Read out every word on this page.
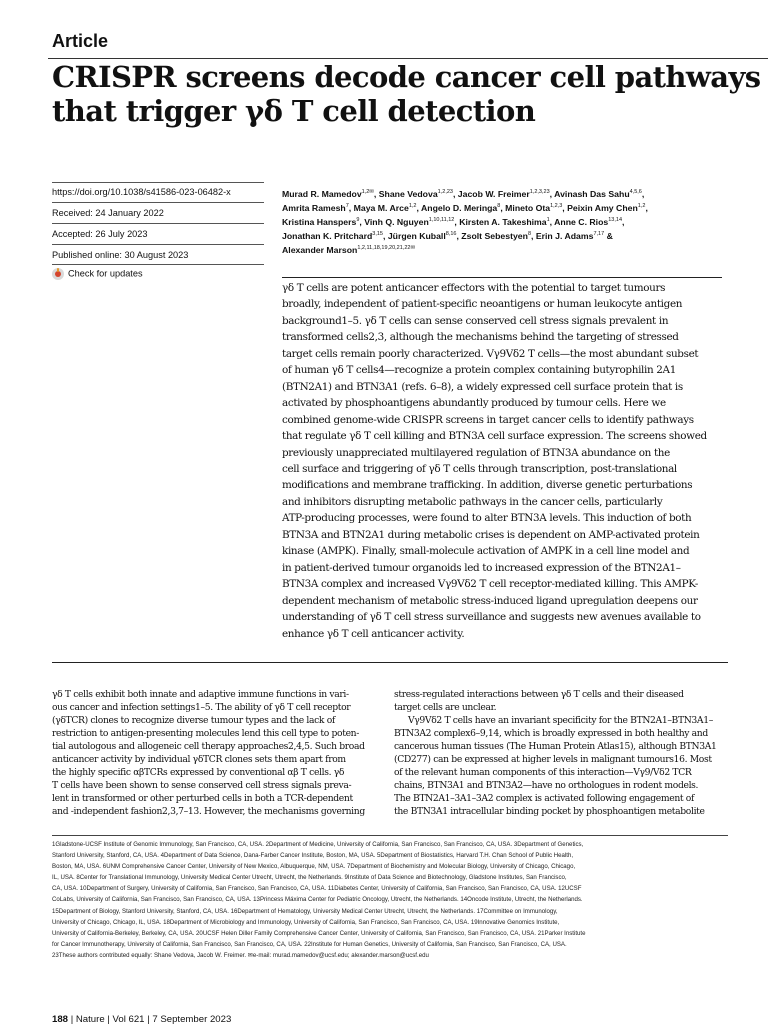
Article
CRISPR screens decode cancer cell pathways
that trigger γδ T cell detection
https://doi.org/10.1038/s41586-023-06482-x
Received: 24 January 2022
Accepted: 26 July 2023
Published online: 30 August 2023
Check for updates
Murad R. Mamedov$^{1,2✉}$, Shane Vedova$^{1,2,23}$, Jacob W. Freimer$^{1,2,3,23}$, Avinash Das Sahu$^{4,5,6}$,
Amrita Ramesh$^7$, Maya M. Arce$^{1,2}$, Angelo D. Meringa$^8$, Mineto Ota$^{1,2,3}$, Peixin Amy Chen$^{1,2}$,
Kristina Hanspers$^9$, Vinh Q. Nguyen$^{1,10,11,12}$, Kirsten A. Takeshima$^1$, Anne C. Rios$^{13,14}$,
Jonathan K. Pritchard$^{3,15}$, Jürgen Kuball$^{8,16}$, Zsolt Sebestyen$^8$, Erin J. Adams$^{7,17}$ &
Alexander Marson$^{1,2,11,18,19,20,21,22✉}$
γδ T cells are potent anticancer effectors with the potential to target tumours
broadly, independent of patient-specific neoantigens or human leukocyte antigen
background1–5. γδ T cells can sense conserved cell stress signals prevalent in
transformed cells2,3, although the mechanisms behind the targeting of stressed
target cells remain poorly characterized. Vγ9Vδ2 T cells—the most abundant subset
of human γδ T cells4—recognize a protein complex containing butyrophilin 2A1
(BTN2A1) and BTN3A1 (refs. 6–8), a widely expressed cell surface protein that is
activated by phosphoantigens abundantly produced by tumour cells. Here we
combined genome-wide CRISPR screens in target cancer cells to identify pathways
that regulate γδ T cell killing and BTN3A cell surface expression. The screens showed
previously unappreciated multilayered regulation of BTN3A abundance on the
cell surface and triggering of γδ T cells through transcription, post-translational
modifications and membrane trafficking. In addition, diverse genetic perturbations
and inhibitors disrupting metabolic pathways in the cancer cells, particularly
ATP-producing processes, were found to alter BTN3A levels. This induction of both
BTN3A and BTN2A1 during metabolic crises is dependent on AMP-activated protein
kinase (AMPK). Finally, small-molecule activation of AMPK in a cell line model and
in patient-derived tumour organoids led to increased expression of the BTN2A1–
BTN3A complex and increased Vγ9Vδ2 T cell receptor-mediated killing. This AMPK-
dependent mechanism of metabolic stress-induced ligand upregulation deepens our
understanding of γδ T cell stress surveillance and suggests new avenues available to
enhance γδ T cell anticancer activity.
γδ T cells exhibit both innate and adaptive immune functions in vari-
ous cancer and infection settings1–5. The ability of γδ T cell receptor
(γδTCR) clones to recognize diverse tumour types and the lack of
restriction to antigen-presenting molecules lend this cell type to poten-
tial autologous and allogeneic cell therapy approaches2,4,5. Such broad
anticancer activity by individual γδTCR clones sets them apart from
the highly specific αβTCRs expressed by conventional αβ T cells. γδ
T cells have been shown to sense conserved cell stress signals preva-
lent in transformed or other perturbed cells in both a TCR-dependent
and -independent fashion2,3,7–13. However, the mechanisms governing
stress-regulated interactions between γδ T cells and their diseased
target cells are unclear.
Vγ9Vδ2 T cells have an invariant specificity for the BTN2A1–BTN3A1–
BTN3A2 complex6–9,14, which is broadly expressed in both healthy and
cancerous human tissues (The Human Protein Atlas15), although BTN3A1
(CD277) can be expressed at higher levels in malignant tumours16. Most
of the relevant human components of this interaction—Vγ9/Vδ2 TCR
chains, BTN3A1 and BTN3A2—have no orthologues in rodent models.
The BTN2A1–3A1–3A2 complex is activated following engagement of
the BTN3A1 intracellular binding pocket by phosphoantigen metabolite
1Gladstone-UCSF Institute of Genomic Immunology, San Francisco, CA, USA. 2Department of Medicine, University of California, San Francisco, San Francisco, CA, USA. 3Department of Genetics,
Stanford University, Stanford, CA, USA. 4Department of Data Science, Dana-Farber Cancer Institute, Boston, MA, USA. 5Department of Biostatistics, Harvard T.H. Chan School of Public Health,
Boston, MA, USA. 6UNM Comprehensive Cancer Center, University of New Mexico, Albuquerque, NM, USA. 7Department of Biochemistry and Molecular Biology, University of Chicago, Chicago,
IL, USA. 8Center for Translational Immunology, University Medical Center Utrecht, Utrecht, the Netherlands. 9Institute of Data Science and Biotechnology, Gladstone Institutes, San Francisco,
CA, USA. 10Department of Surgery, University of California, San Francisco, San Francisco, CA, USA. 11Diabetes Center, University of California, San Francisco, San Francisco, CA, USA. 12UCSF
CoLabs, University of California, San Francisco, San Francisco, CA, USA. 13Princess Máxima Center for Pediatric Oncology, Utrecht, the Netherlands. 14Oncode Institute, Utrecht, the Netherlands.
15Department of Biology, Stanford University, Stanford, CA, USA. 16Department of Hematology, University Medical Center Utrecht, Utrecht, the Netherlands. 17Committee on Immunology,
University of Chicago, Chicago, IL, USA. 18Department of Microbiology and Immunology, University of California, San Francisco, San Francisco, CA, USA. 19Innovative Genomics Institute,
University of California-Berkeley, Berkeley, CA, USA. 20UCSF Helen Diller Family Comprehensive Cancer Center, University of California, San Francisco, San Francisco, CA, USA. 21Parker Institute
for Cancer Immunotherapy, University of California, San Francisco, San Francisco, CA, USA. 22Institute for Human Genetics, University of California, San Francisco, San Francisco, CA, USA.
23These authors contributed equally: Shane Vedova, Jacob W. Freimer. ✉e-mail: murad.mamedov@ucsf.edu; alexander.marson@ucsf.edu
188 | Nature | Vol 621 | 7 September 2023
